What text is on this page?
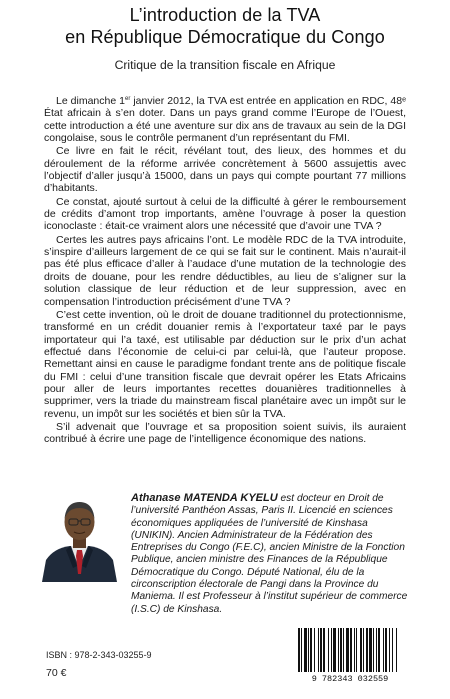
L’introduction de la TVA
en République Démocratique du Congo
Critique de la transition fiscale en Afrique

Le dimanche 1er janvier 2012, la TVA est entrée en application en RDC, 48ᵉ État africain à s’en doter. Dans un pays grand comme l’Europe de l’Ouest, cette introduction a été une aventure sur dix ans de travaux au sein de la DGI congolaise, sous le contrôle permanent d’un représentant du FMI.

Ce livre en fait le récit, révélant tout, des lieux, des hommes et du déroulement de la réforme arrivée concrètement à 5600 assujettis avec l’objectif d’aller jusqu’à 15000, dans un pays qui compte pourtant 77 millions d’habitants.

Ce constat, ajouté surtout à celui de la difficulté à gérer le remboursement de crédits d’amont trop importants, amène l’ouvrage à poser la question iconoclaste : était-ce vraiment alors une nécessité que d’avoir une TVA ?

Certes les autres pays africains l’ont. Le modèle RDC de la TVA introduite, s’inspire d’ailleurs largement de ce qui se fait sur le continent. Mais n’aurait-il pas été plus efficace d’aller à l’audace d’une mutation de la technologie des droits de douane, pour les rendre déductibles, au lieu de s’aligner sur la solution classique de leur réduction et de leur suppression, avec en compensation l’introduction précisément d’une TVA ?

C’est cette invention, où le droit de douane traditionnel du protectionnisme, transformé en un crédit douanier remis à l’exportateur taxé par le pays importateur qui l’a taxé, est utilisable par déduction sur le prix d’un achat effectué dans l’économie de celui-ci par celui-là, que l’auteur propose. Remettant ainsi en cause le paradigme fondant trente ans de politique fiscale du FMI : celui d’une transition fiscale que devrait opérer les Etats Africains pour aller de leurs importantes recettes douanières traditionnelles à supprimer, vers la triade du mainstream fiscal planétaire avec un impôt sur le revenu, un impôt sur les sociétés et bien sûr la TVA.

S’il advenait que l’ouvrage et sa proposition soient suivis, ils auraient contribué à écrire une page de l’intelligence économique des nations.

Athanase MATENDA KYELU est docteur en Droit de l’université Panthéon Assas, Paris II. Licencié en sciences économiques appliquées de l’université de Kinshasa (UNIKIN). Ancien Administrateur de la Fédération des Entreprises du Congo (F.E.C), ancien Ministre de la Fonction Publique, ancien ministre des Finances de la République Démocratique du Congo. Député National, élu de la circonscription électorale de Pangi dans la Province du Maniema. Il est Professeur à l’institut supérieur de commerce (I.S.C) de Kinshasa.
ISBN : 978-2-343-03255-9
70 €	9 782343 032559
